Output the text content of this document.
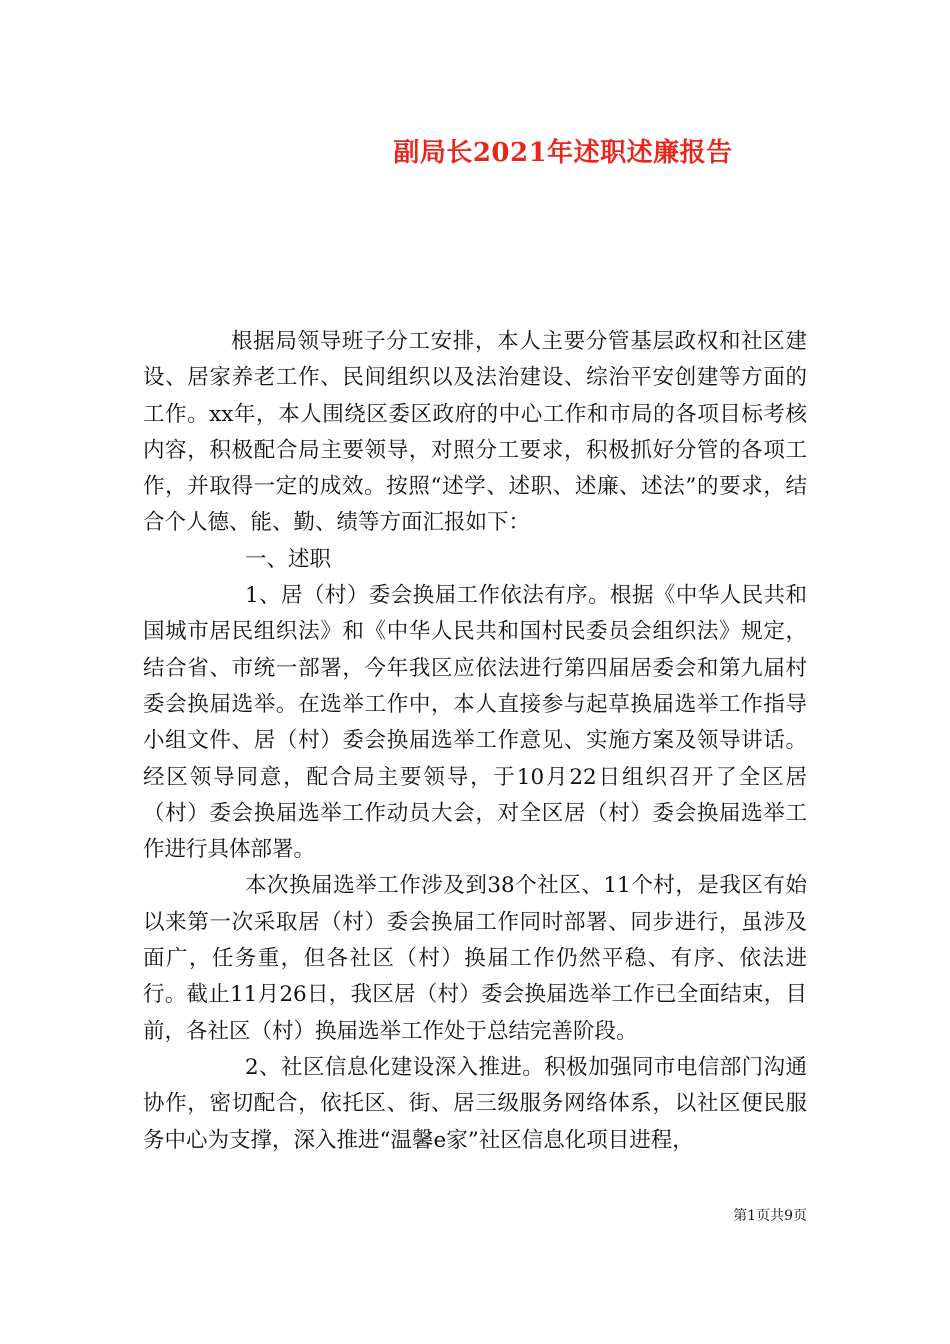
副局长2021年述职述廉报告

根据局领导班子分工安排，本人主要分管基层政权和社区建设、居家养老工作、民间组织以及法治建设、综治平安创建等方面的工作。xx年，本人围绕区委区政府的中心工作和市局的各项目标考核内容，积极配合局主要领导，对照分工要求，积极抓好分管的各项工作，并取得一定的成效。按照“述学、述职、述廉、述法”的要求，结合个人德、能、勤、绩等方面汇报如下：

一、述职

1、居（村）委会换届工作依法有序。根据《中华人民共和国城市居民组织法》和《中华人民共和国村民委员会组织法》规定，结合省、市统一部署，今年我区应依法进行第四届居委会和第九届村委会换届选举。在选举工作中，本人直接参与起草换届选举工作指导小组文件、居（村）委会换届选举工作意见、实施方案及领导讲话。经区领导同意，配合局主要领导，于10月22日组织召开了全区居（村）委会换届选举工作动员大会，对全区居（村）委会换届选举工作进行具体部署。

本次换届选举工作涉及到38个社区、11个村，是我区有始以来第一次采取居（村）委会换届工作同时部署、同步进行，虽涉及面广，任务重，但各社区（村）换届工作仍然平稳、有序、依法进行。截止11月26日，我区居（村）委会换届选举工作已全面结束，目前，各社区（村）换届选举工作处于总结完善阶段。

2、社区信息化建设深入推进。积极加强同市电信部门沟通协作，密切配合，依托区、街、居三级服务网络体系，以社区便民服务中心为支撑，深入推进“温馨e家”社区信息化项目进程，

第1页共9页
